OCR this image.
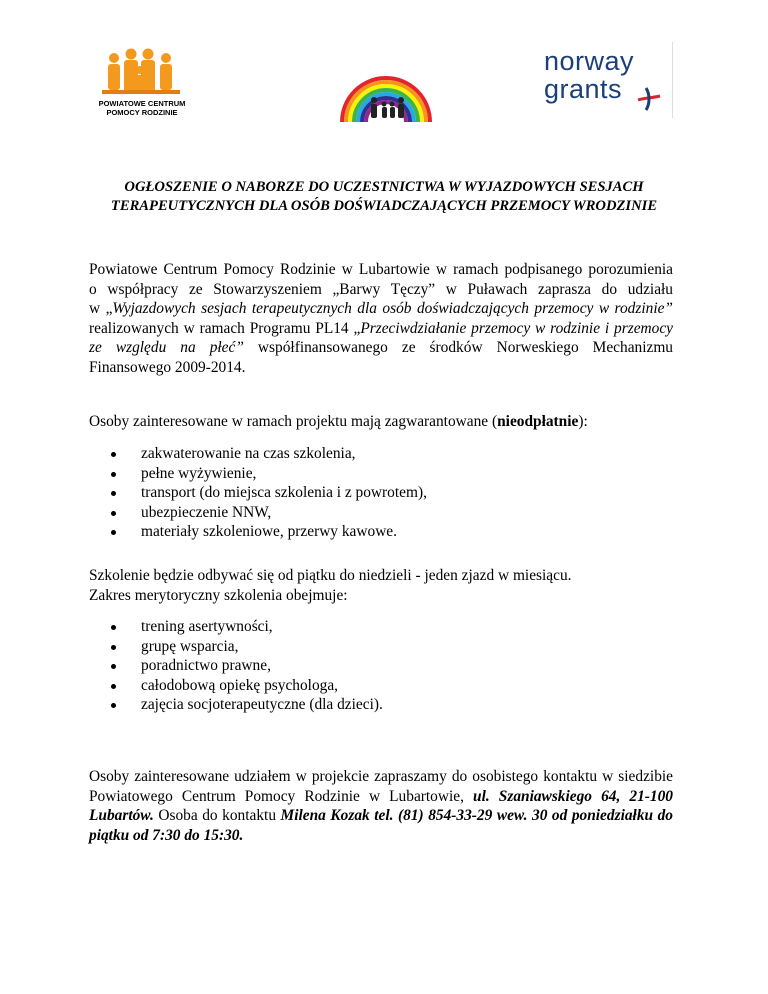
POWIATOWE CENTRUM
POMOCY RODZINIE
norway
grants
OGŁOSZENIE O NABORZE DO UCZESTNICTWA W WYJAZDOWYCH SESJACH
TERAPEUTYCZNYCH DLA OSÓB DOŚWIADCZAJĄCYCH PRZEMOCY WRODZINIE
Powiatowe Centrum Pomocy Rodzinie w Lubartowie w ramach podpisanego porozumienia
o współpracy ze Stowarzyszeniem „Barwy Tęczy” w Puławach zaprasza do udziału
w „Wyjazdowych sesjach terapeutycznych dla osób doświadczających przemocy w rodzinie”
realizowanych w ramach Programu PL14 „Przeciwdziałanie przemocy w rodzinie i przemocy
ze względu na płeć” współfinansowanego ze środków Norweskiego Mechanizmu
Finansowego 2009-2014.
Osoby zainteresowane w ramach projektu mają zagwarantowane (nieodpłatnie):
zakwaterowanie na czas szkolenia,
pełne wyżywienie,
transport (do miejsca szkolenia i z powrotem),
ubezpieczenie NNW,
materiały szkoleniowe, przerwy kawowe.
Szkolenie będzie odbywać się od piątku do niedzieli - jeden zjazd w miesiącu.
Zakres merytoryczny szkolenia obejmuje:
trening asertywności,
grupę wsparcia,
poradnictwo prawne,
całodobową opiekę psychologa,
zajęcia socjoterapeutyczne (dla dzieci).
Osoby zainteresowane udziałem w projekcie zapraszamy do osobistego kontaktu w siedzibie
Powiatowego Centrum Pomocy Rodzinie w Lubartowie, ul. Szaniawskiego 64, 21-100
Lubartów. Osoba do kontaktu Milena Kozak tel. (81) 854-33-29 wew. 30 od poniedziałku do
piątku od 7:30 do 15:30.
